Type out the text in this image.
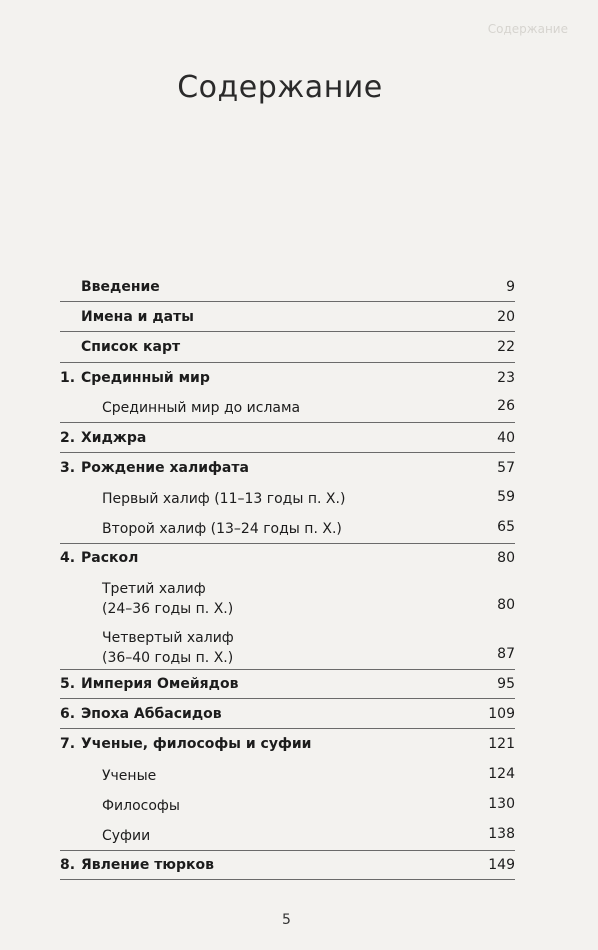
Содержание
Содержание
Введение	9
Имена и даты	20
Список карт	22
1. Срединный мир	23
Срединный мир до ислама	26
2. Хиджра	40
3. Рождение халифата	57
Первый халиф (11–13 годы п. Х.)	59
Второй халиф (13–24 годы п. Х.)	65
4. Раскол	80
Третий халиф
(24–36 годы п. Х.)	80
Четвертый халиф
(36–40 годы п. Х.)	87
5. Империя Омейядов	95
6. Эпоха Аббасидов	109
7. Ученые, философы и суфии	121
Ученые	124
Философы	130
Суфии	138
8. Явление тюрков	149
5
